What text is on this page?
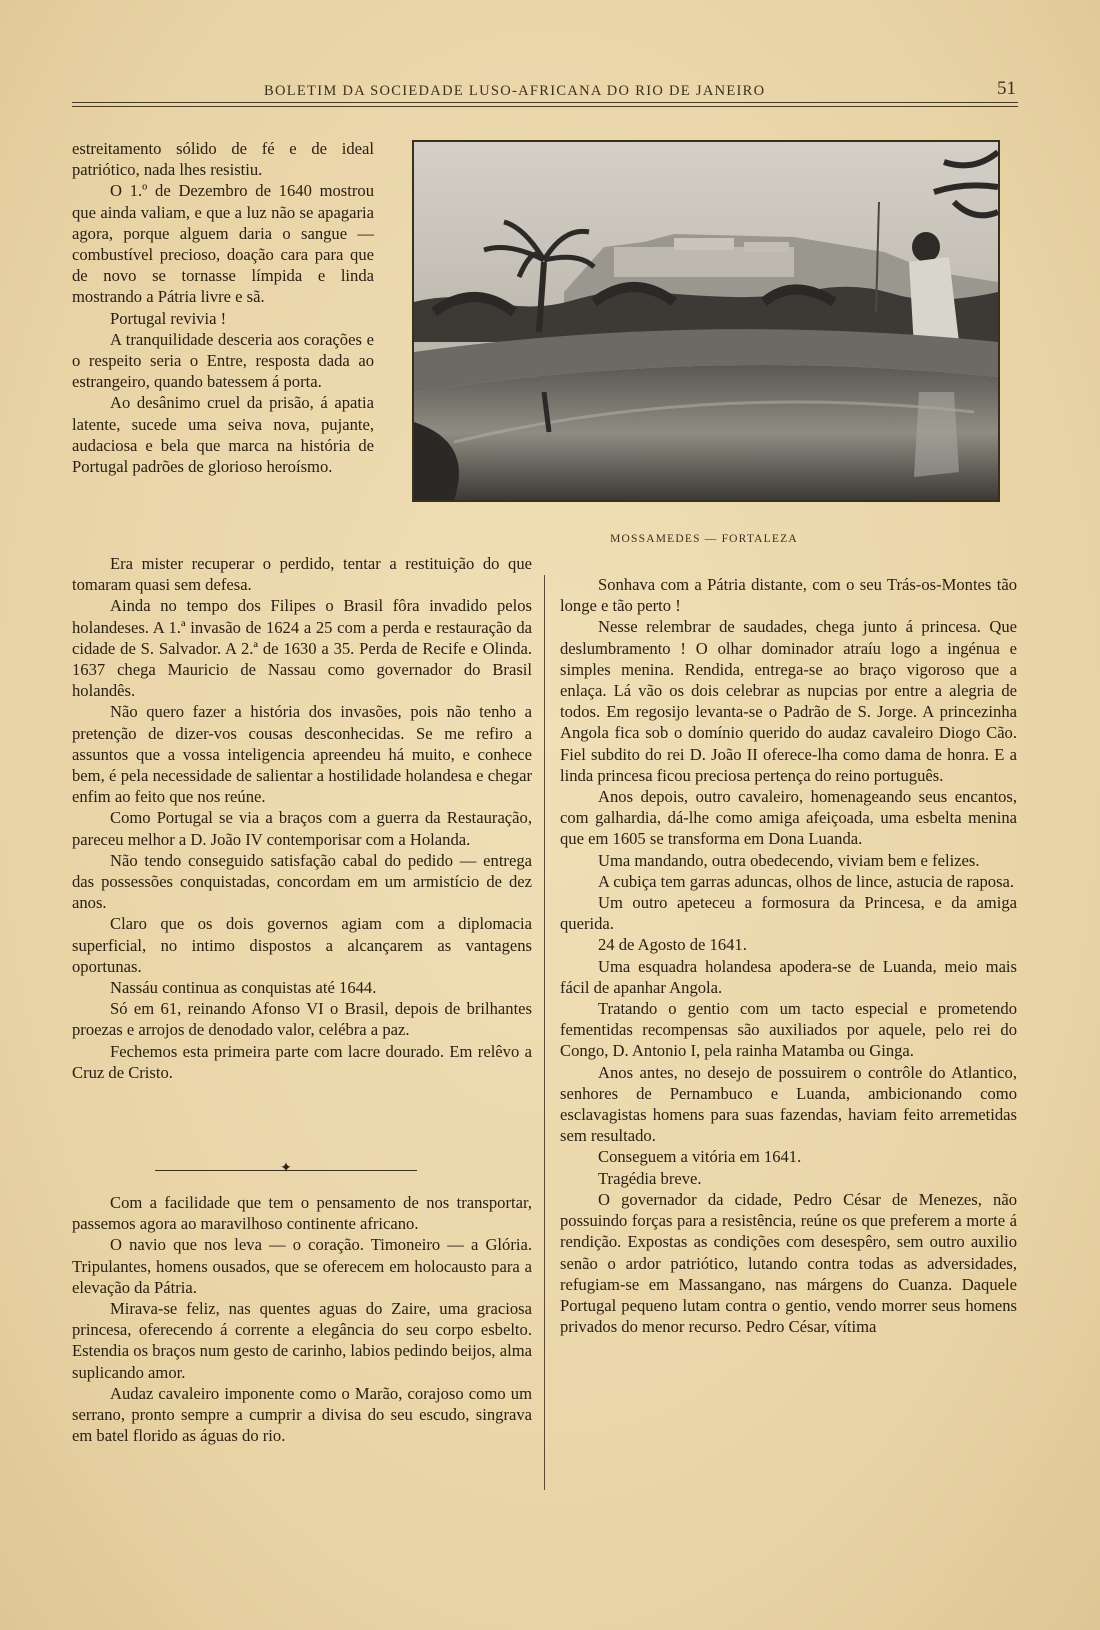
BOLETIM DA SOCIEDADE LUSO-AFRICANA DO RIO DE JANEIRO	51

estreitamento sólido de fé e de ideal patriótico, nada lhes resistiu.

O 1.º de Dezembro de 1640 mostrou que ainda valiam, e que a luz não se apagaria agora, porque alguem daria o sangue — combustível precioso, doação cara para que de novo se tornasse límpida e linda mostrando a Pátria livre e sã.

Portugal revivia !

A tranquilidade desceria aos corações e o respeito seria o Entre, resposta dada ao estrangeiro, quando batessem á porta.

Ao desânimo cruel da prisão, á apatia latente, sucede uma seiva nova, pujante, audaciosa e bela que marca na história de Portugal padrões de glorioso heroísmo.

MOSSAMEDES — FORTALEZA

Era mister recuperar o perdido, tentar a restituição do que tomaram quasi sem defesa.

Ainda no tempo dos Filipes o Brasil fôra invadido pelos holandeses. A 1.ª invasão de 1624 a 25 com a perda e restauração da cidade de S. Salvador. A 2.ª de 1630 a 35. Perda de Recife e Olinda. 1637 chega Mauricio de Nassau como governador do Brasil holandês.

Não quero fazer a história dos invasões, pois não tenho a pretenção de dizer-vos cousas desconhecidas. Se me refiro a assuntos que a vossa inteligencia apreendeu há muito, e conhece bem, é pela necessidade de salientar a hostilidade holandesa e chegar enfim ao feito que nos reúne.

Como Portugal se via a braços com a guerra da Restauração, pareceu melhor a D. João IV contemporisar com a Holanda.

Não tendo conseguido satisfação cabal do pedido — entrega das possessões conquistadas, concordam em um armistício de dez anos.

Claro que os dois governos agiam com a diplomacia superficial, no intimo dispostos a alcançarem as vantagens oportunas.

Nassáu continua as conquistas até 1644.

Só em 61, reinando Afonso VI o Brasil, depois de brilhantes proezas e arrojos de denodado valor, celébra a paz.

Fechemos esta primeira parte com lacre dourado. Em relêvo a Cruz de Cristo.

✦

Com a facilidade que tem o pensamento de nos transportar, passemos agora ao maravilhoso continente africano.

O navio que nos leva — o coração. Timoneiro — a Glória. Tripulantes, homens ousados, que se oferecem em holocausto para a elevação da Pátria.

Mirava-se feliz, nas quentes aguas do Zaire, uma graciosa princesa, oferecendo á corrente a elegância do seu corpo esbelto. Estendia os braços num gesto de carinho, labios pedindo beijos, alma suplicando amor.

Audaz cavaleiro imponente como o Marão, corajoso como um serrano, pronto sempre a cumprir a divisa do seu escudo, singrava em batel florido as águas do rio.

Sonhava com a Pátria distante, com o seu Trás-os-Montes tão longe e tão perto !

Nesse relembrar de saudades, chega junto á princesa. Que deslumbramento ! O olhar dominador atraíu logo a ingénua e simples menina. Rendida, entrega-se ao braço vigoroso que a enlaça. Lá vão os dois celebrar as nupcias por entre a alegria de todos. Em regosijo levanta-se o Padrão de S. Jorge. A princezinha Angola fica sob o domínio querido do audaz cavaleiro Diogo Cão. Fiel subdito do rei D. João II oferece-lha como dama de honra. E a linda princesa ficou preciosa pertença do reino português.

Anos depois, outro cavaleiro, homenageando seus encantos, com galhardia, dá-lhe como amiga afeiçoada, uma esbelta menina que em 1605 se transforma em Dona Luanda.

Uma mandando, outra obedecendo, viviam bem e felizes.

A cubiça tem garras aduncas, olhos de lince, astucia de raposa.

Um outro apeteceu a formosura da Princesa, e da amiga querida.

24 de Agosto de 1641.

Uma esquadra holandesa apodera-se de Luanda, meio mais fácil de apanhar Angola.

Tratando o gentio com um tacto especial e prometendo fementidas recompensas são auxiliados por aquele, pelo rei do Congo, D. Antonio I, pela rainha Matamba ou Ginga.

Anos antes, no desejo de possuirem o contrôle do Atlantico, senhores de Pernambuco e Luanda, ambicionando como esclavagistas homens para suas fazendas, haviam feito arremetidas sem resultado.

Conseguem a vitória em 1641.

Tragédia breve.

O governador da cidade, Pedro César de Menezes, não possuindo forças para a resistência, reúne os que preferem a morte á rendição. Expostas as condições com desespêro, sem outro auxilio senão o ardor patriótico, lutando contra todas as adversidades, refugiam-se em Massangano, nas márgens do Cuanza. Daquele Portugal pequeno lutam contra o gentio, vendo morrer seus homens privados do menor recurso. Pedro César, vítima
